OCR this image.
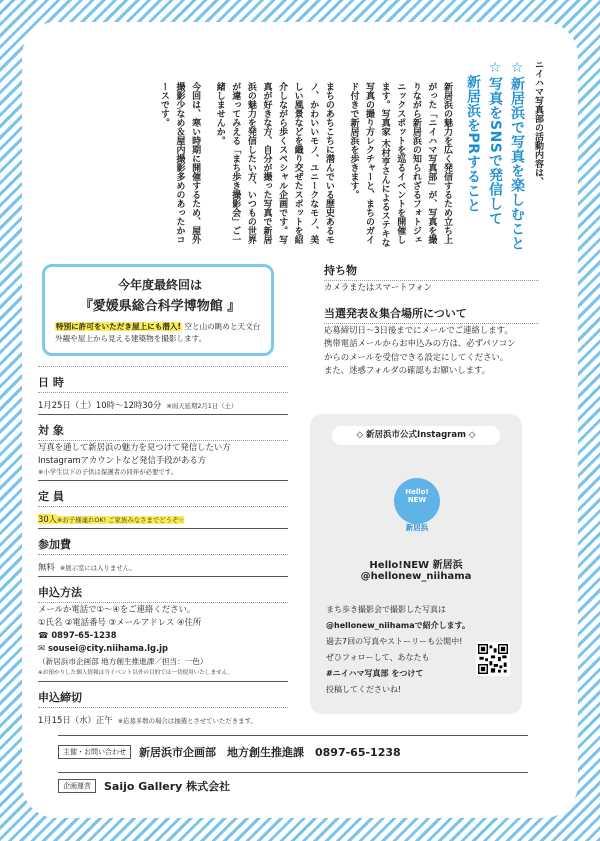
ニイハマ写真部の活動内容は、
☆新居浜で写真を楽しむこと
☆写真をSNSで発信して
　新居浜をPRすること

新居浜の魅力を広く発信するため立ち上がった「ニイハマ写真部」が、写真を撮りながら新居浜の知られざるフォトジェニックスポットを巡るイベントを開催します。写真家 木村亨さんによるステキな写真の撮り方レクチャーと、まちのガイド付きで新居浜を歩きます。

まちのあちこちに潜んでいる歴史あるモノ、かわいいモノ、ユニークなモノ、美しい風景などを織り交ぜたスポットを紹介しながら歩くスペシャル企画です。写真が好きな方、自分が撮った写真で新居浜の魅力を発信したい方、いつもの世界が違ってみえる「まち歩き撮影会」ご一緒しませんか。

今回は、寒い時期に開催するため、屋外撮影少なめ＆屋内撮影多めのあったかコースです。

今年度最終回は
『愛媛県総合科学博物館 』
特別に許可をいただき屋上にも潜入! 空と山の眺めと天文台外観や屋上から見える建築物を撮影します。
日 時
1月25日（土）10時〜12時30分 ※雨天延期2月1日（土）
対 象
写真を通して新居浜の魅力を見つけて発信したい方
Instagramアカウントなど発信手段がある方
※小学生以下の子供は保護者の同伴が必要です。
定 員
30人※お子様連れOK! ご家族みなさまでどうぞ☆
参加費
無料 ※展示室には入りません。
申込方法
メールか電話で①〜④をご連絡ください。
①氏名 ②電話番号 ③メールアドレス ④住所
☎ 0897-65-1238
✉ sousei@city.niihama.lg.jp
（新居浜市企画部 地方創生推進課／担当：一色）
※お預かりした個人情報は当イベント以外の目的では一切使用いたしません。
申込締切
1月15日（水）正午 ※応募多数の場合は抽選とさせていただきます。
持ち物
カメラまたはスマートフォン
当選発表＆集合場所について
応募締切日〜3日後までにメールでご連絡します。
携帯電話メールからお申込みの方は、必ずパソコン
からのメールを受信できる設定にしてください。
また、迷惑フォルダの確認もお願いします。
◇ 新居浜市公式Instagram ◇
Hello!
NEW
新居浜
Hello!NEW 新居浜
@hellonew_niihama
まち歩き撮影会で撮影した写真は
@hellonew_niihamaで紹介します。
過去7回の写真やストーリーも公開中!
ぜひフォローして、あなたも
#ニイハマ写真部 をつけて
投稿してくださいね!
主催・お問い合わせ	新居浜市企画部　地方創生推進課　0897-65-1238
企画運営	Saijo Gallery 株式会社
